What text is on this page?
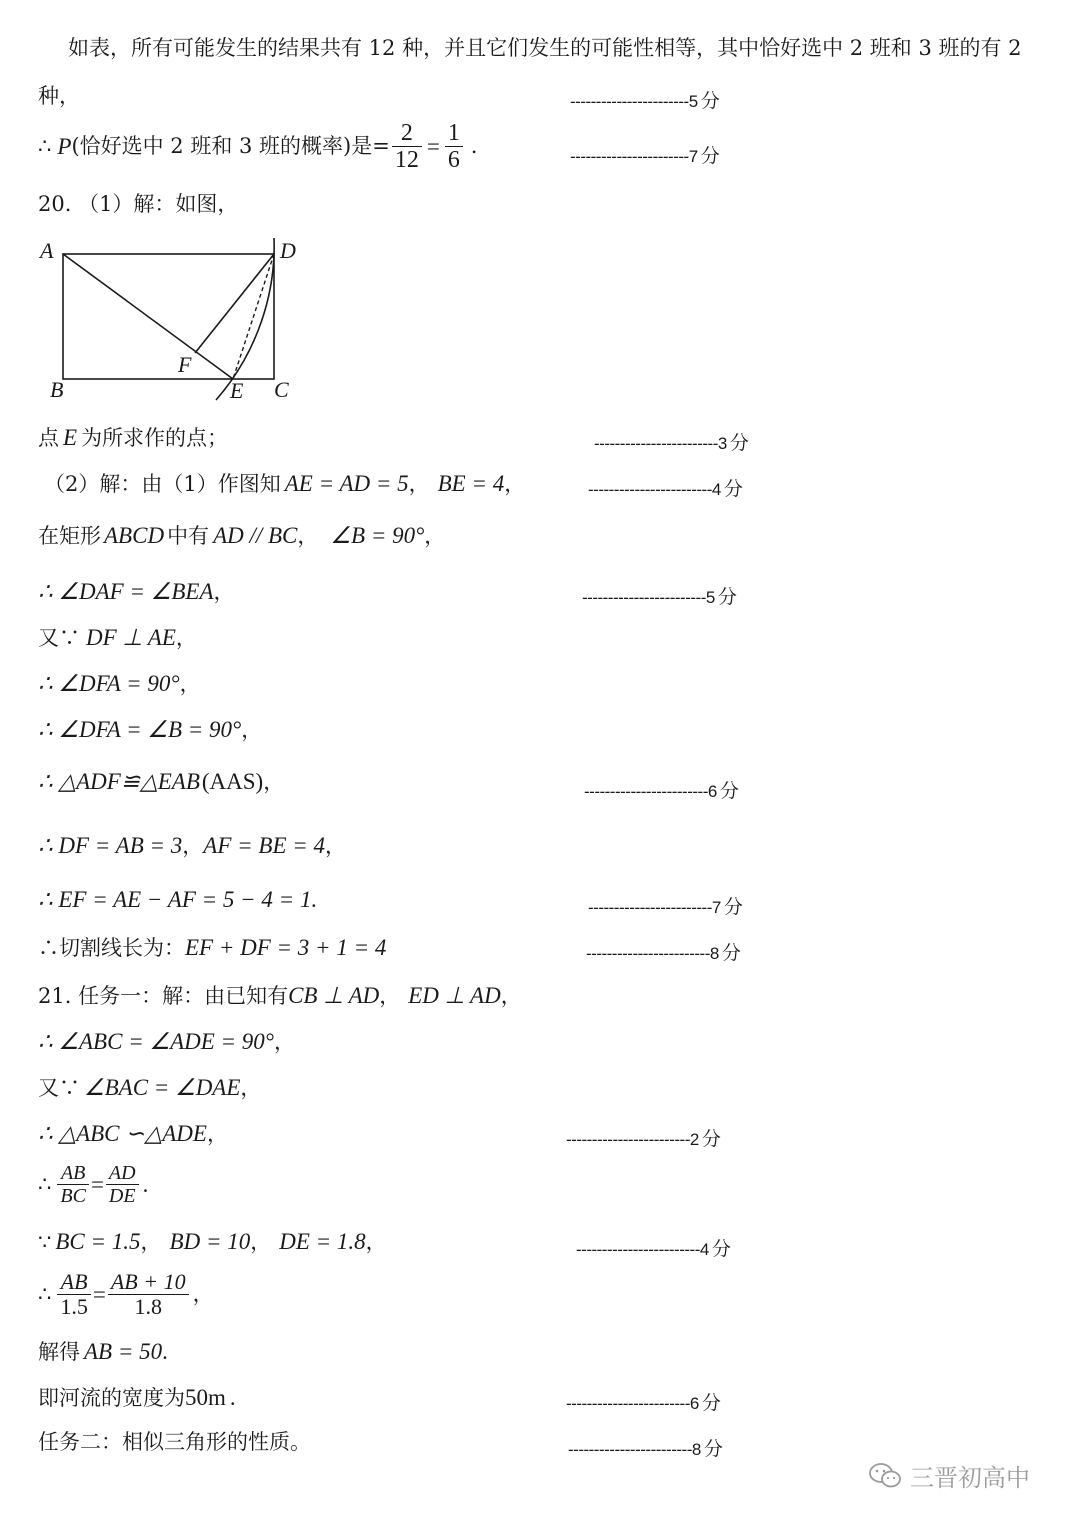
如表，所有可能发生的结果共有 12 种，并且它们发生的可能性相等，其中恰好选中 2 班和 3 班的有 2
种，	-----------------------5 分
∴ P (恰好选中 2 班和 3 班的概率)是= $\frac{2}{12} = \frac{1}{6}$ ．	-----------------------7 分
20. （1）解：如图，
A
B	C
D
E
F
点 E 为所求作的点；	------------------------3 分
（2）解：由（1）作图知 AE = AD = 5， BE = 4，	------------------------4 分
在矩形 ABCD 中有 AD // BC， ∠B = 90°，
∴ ∠DAF = ∠BEA，	------------------------5 分
又∵ DF ⊥ AE，
∴ ∠DFA = 90°，
∴ ∠DFA = ∠B = 90°，
∴ △ADF≌△EAB(AAS)，	------------------------6 分
∴ DF = AB = 3，AF = BE = 4，
∴ EF = AE − AF = 5 − 4 = 1.	------------------------7 分
∴切割线长为：EF + DF = 3 + 1 = 4	------------------------8 分
21. 任务一：解：由已知有CB ⊥ AD， ED ⊥ AD，
∴ ∠ABC = ∠ADE = 90°，
又∵ ∠BAC = ∠DAE，
∴ △ABC ∽△ADE，	------------------------2 分
∴ $\frac{AB}{BC} = \frac{AD}{DE}$ .
∵ BC = 1.5， BD = 10， DE = 1.8，	------------------------4 分
∴ $\frac{AB}{1.5} = \frac{AB + 10}{1.8}$ ，
解得 AB = 50.
即河流的宽度为50m .	------------------------6 分
任务二：相似三角形的性质。	------------------------8 分
三晋初高中
